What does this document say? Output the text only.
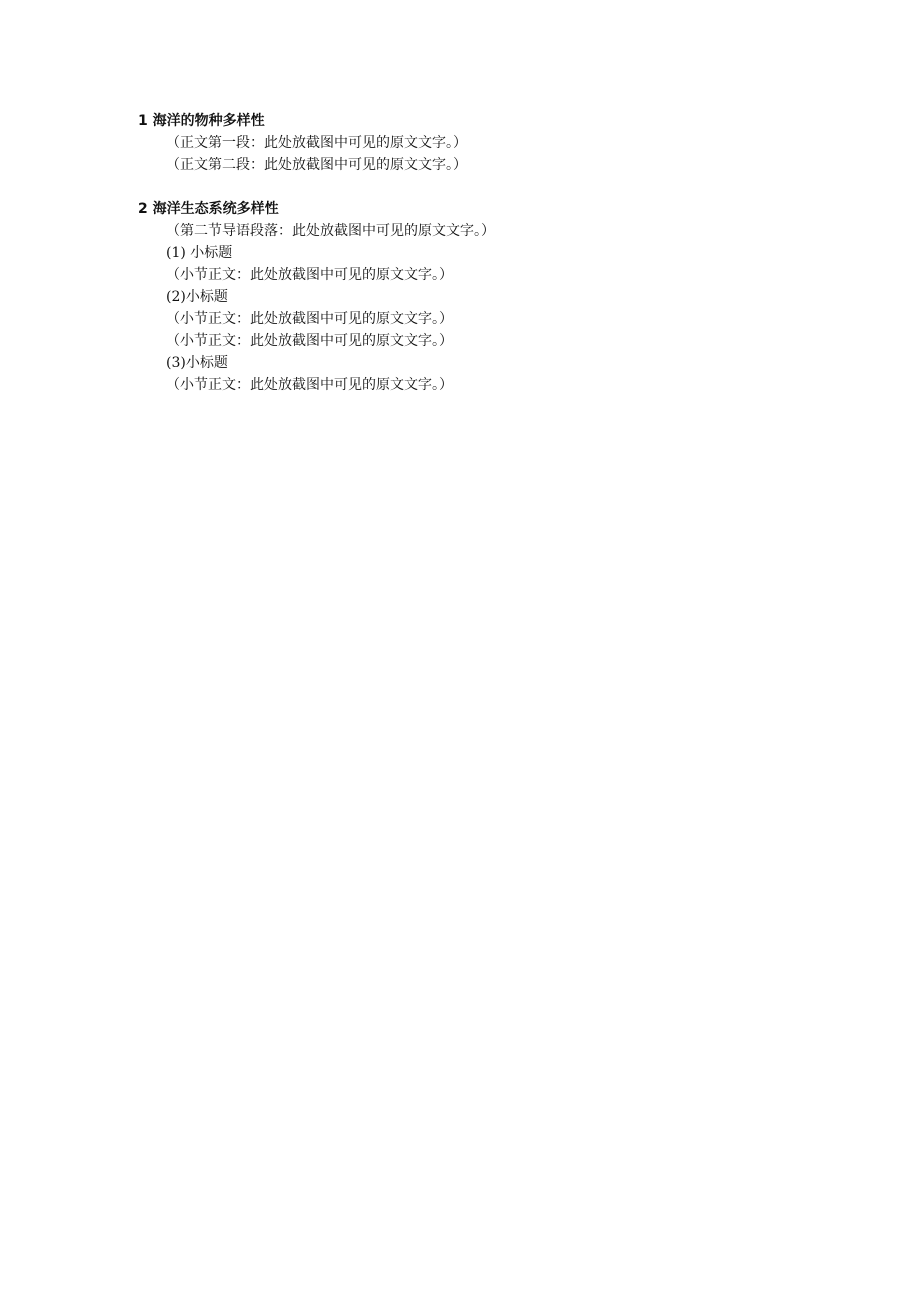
1 海洋的物种多样性
（正文第一段：此处放截图中可见的原文文字。）
（正文第二段：此处放截图中可见的原文文字。）
2 海洋生态系统多样性
（第二节导语段落：此处放截图中可见的原文文字。）
(1) 小标题
（小节正文：此处放截图中可见的原文文字。）
(2)小标题
（小节正文：此处放截图中可见的原文文字。）
（小节正文：此处放截图中可见的原文文字。）
(3)小标题
（小节正文：此处放截图中可见的原文文字。）
